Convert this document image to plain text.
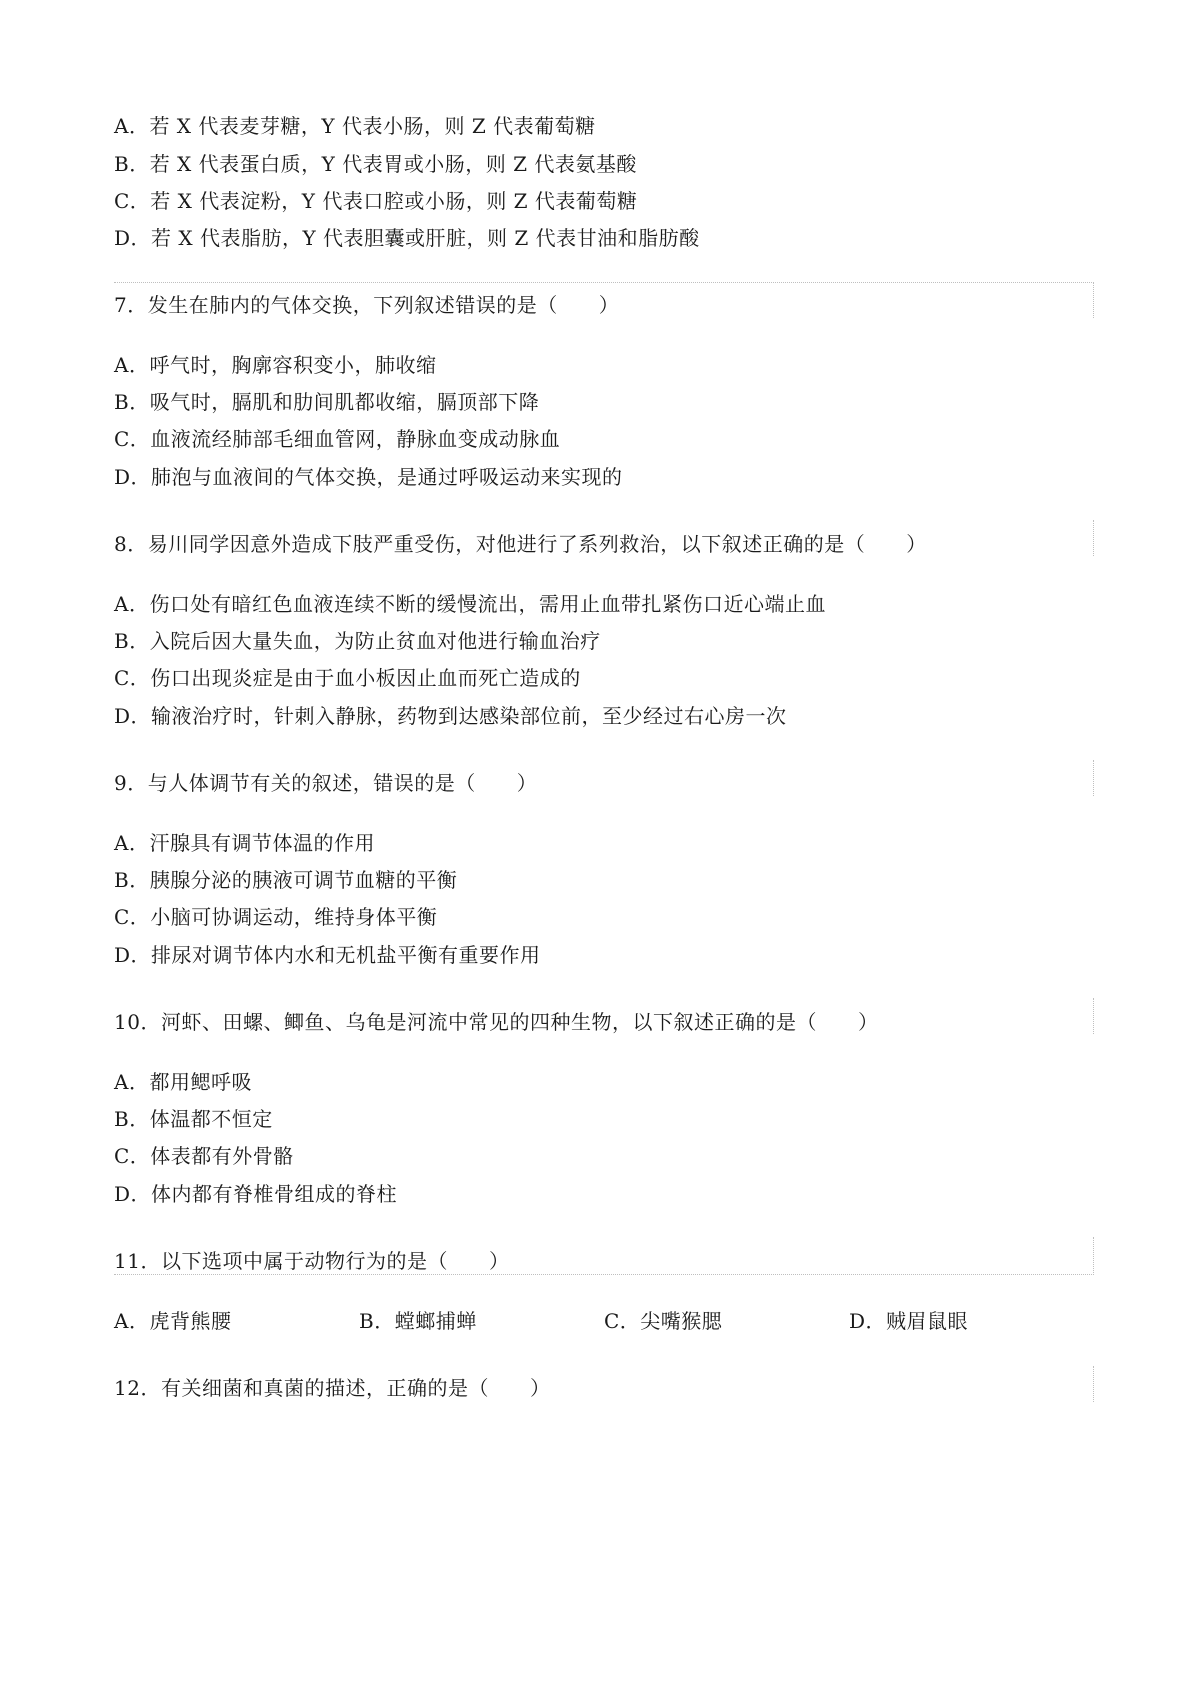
A．若 X 代表麦芽糖，Y 代表小肠，则 Z 代表葡萄糖
B．若 X 代表蛋白质，Y 代表胃或小肠，则 Z 代表氨基酸
C．若 X 代表淀粉，Y 代表口腔或小肠，则 Z 代表葡萄糖
D．若 X 代表脂肪，Y 代表胆囊或肝脏，则 Z 代表甘油和脂肪酸
7．发生在肺内的气体交换，下列叙述错误的是（　　）
A．呼气时，胸廓容积变小，肺收缩
B．吸气时，膈肌和肋间肌都收缩，膈顶部下降
C．血液流经肺部毛细血管网，静脉血变成动脉血
D．肺泡与血液间的气体交换，是通过呼吸运动来实现的
8．易川同学因意外造成下肢严重受伤，对他进行了系列救治，以下叙述正确的是（　　）
A．伤口处有暗红色血液连续不断的缓慢流出，需用止血带扎紧伤口近心端止血
B．入院后因大量失血，为防止贫血对他进行输血治疗
C．伤口出现炎症是由于血小板因止血而死亡造成的
D．输液治疗时，针刺入静脉，药物到达感染部位前，至少经过右心房一次
9．与人体调节有关的叙述，错误的是（　　）
A．汗腺具有调节体温的作用
B．胰腺分泌的胰液可调节血糖的平衡
C．小脑可协调运动，维持身体平衡
D．排尿对调节体内水和无机盐平衡有重要作用
10．河虾、田螺、鲫鱼、乌龟是河流中常见的四种生物，以下叙述正确的是（　　）
A．都用鳃呼吸
B．体温都不恒定
C．体表都有外骨骼
D．体内都有脊椎骨组成的脊柱
11．以下选项中属于动物行为的是（　　）
A．虎背熊腰	B．螳螂捕蝉	C．尖嘴猴腮	D．贼眉鼠眼
12．有关细菌和真菌的描述，正确的是（　　）
